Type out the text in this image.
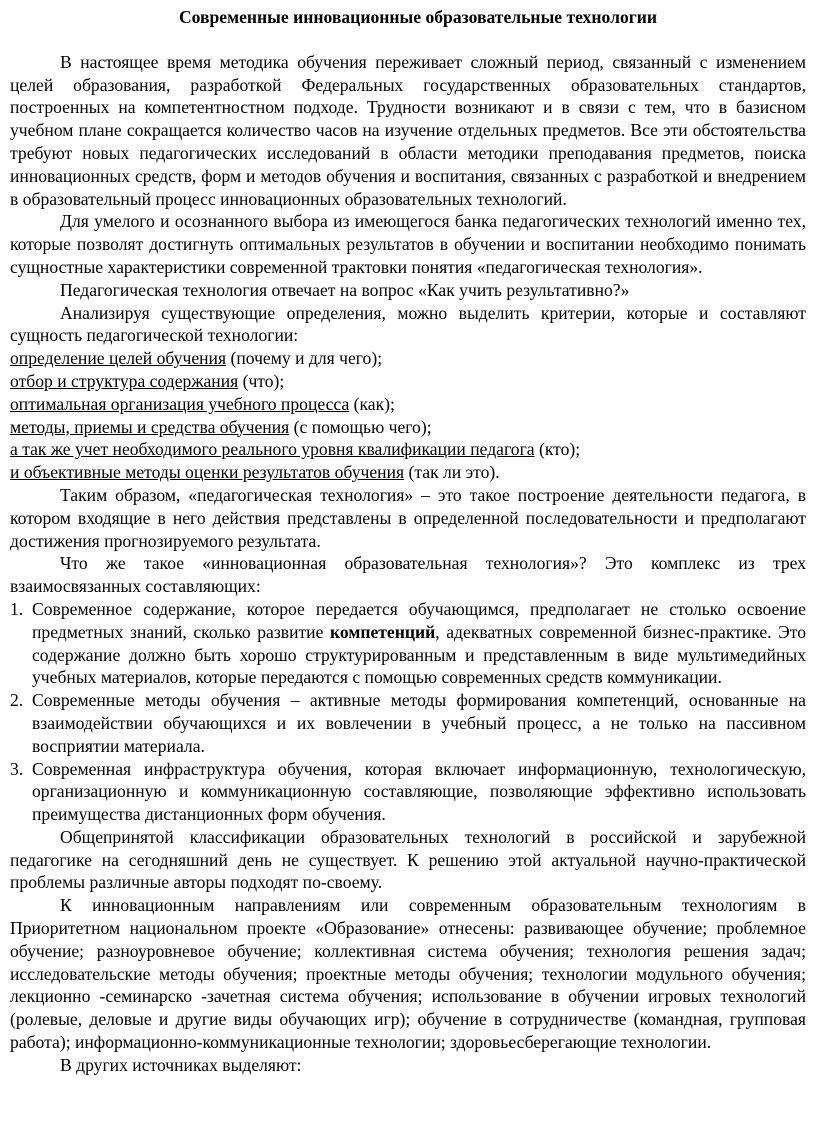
Современные инновационные образовательные технологии

В настоящее время методика обучения переживает сложный период, связанный с изменением целей образования, разработкой Федеральных государственных образовательных стандартов, построенных на компетентностном подходе. Трудности возникают и в связи с тем, что в базисном учебном плане сокращается количество часов на изучение отдельных предметов. Все эти обстоятельства требуют новых педагогических исследований в области методики преподавания предметов, поиска инновационных средств, форм и методов обучения и воспитания, связанных с разработкой и внедрением в образовательный процесс инновационных образовательных технологий.

Для умелого и осознанного выбора из имеющегося банка педагогических технологий именно тех, которые позволят достигнуть оптимальных результатов в обучении и воспитании необходимо понимать сущностные характеристики современной трактовки понятия «педагогическая технология».

Педагогическая технология отвечает на вопрос «Как учить результативно?»

Анализируя существующие определения, можно выделить критерии, которые и составляют сущность педагогической технологии:

определение целей обучения (почему и для чего);

отбор и структура содержания (что);

оптимальная организация учебного процесса (как);

методы, приемы и средства обучения (с помощью чего);

а так же учет необходимого реального уровня квалификации педагога (кто);

и объективные методы оценки результатов обучения (так ли это).

Таким образом, «педагогическая технология» – это такое построение деятельности педагога, в котором входящие в него действия представлены в определенной последовательности и предполагают достижения прогнозируемого результата.

Что же такое «инновационная образовательная технология»? Это комплекс из трех взаимосвязанных составляющих:

1. Современное содержание, которое передается обучающимся, предполагает не столько освоение предметных знаний, сколько развитие компетенций, адекватных современной бизнес-практике. Это содержание должно быть хорошо структурированным и представленным в виде мультимедийных учебных материалов, которые передаются с помощью современных средств коммуникации.
2. Современные методы обучения – активные методы формирования компетенций, основанные на взаимодействии обучающихся и их вовлечении в учебный процесс, а не только на пассивном восприятии материала.
3. Современная инфраструктура обучения, которая включает информационную, технологическую, организационную и коммуникационную составляющие, позволяющие эффективно использовать преимущества дистанционных форм обучения.

Общепринятой классификации образовательных технологий в российской и зарубежной педагогике на сегодняшний день не существует. К решению этой актуальной научно-практической проблемы различные авторы подходят по-своему.

К инновационным направлениям или современным образовательным технологиям в Приоритетном национальном проекте «Образование» отнесены: развивающее обучение; проблемное обучение; разноуровневое обучение; коллективная система обучения; технология решения задач; исследовательские методы обучения; проектные методы обучения; технологии модульного обучения; лекционно -семинарско -зачетная система обучения; использование в обучении игровых технологий (ролевые, деловые и другие виды обучающих игр); обучение в сотрудничестве (командная, групповая работа); информационно-коммуникационные технологии; здоровьесберегающие технологии.

В других источниках выделяют:
